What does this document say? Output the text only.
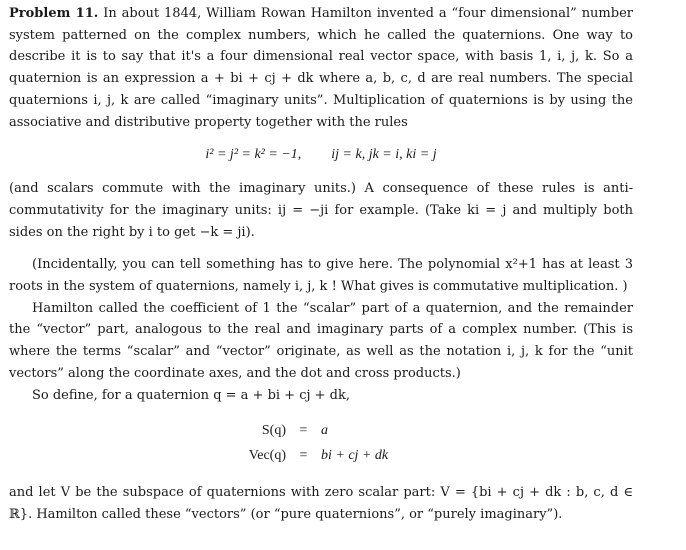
Problem 11. In about 1844, William Rowan Hamilton invented a “four dimensional” number system patterned on the complex numbers, which he called the quaternions. One way to describe it is to say that it's a four dimensional real vector space, with basis 1, i, j, k. So a quaternion is an expression a + bi + cj + dk where a, b, c, d are real numbers. The special quaternions i, j, k are called “imaginary units”. Multiplication of quaternions is by using the associative and distributive property together with the rules

i² = j² = k² = −1, ij = k, jk = i, ki = j

(and scalars commute with the imaginary units.) A consequence of these rules is anti-commutativity for the imaginary units: ij = −ji for example. (Take ki = j and multiply both sides on the right by i to get −k = ji).

(Incidentally, you can tell something has to give here. The polynomial x²+1 has at least 3 roots in the system of quaternions, namely i, j, k ! What gives is commutative multiplication. )

Hamilton called the coefficient of 1 the “scalar” part of a quaternion, and the remainder the “vector” part, analogous to the real and imaginary parts of a complex number. (This is where the terms “scalar” and “vector” originate, as well as the notation i, j, k for the “unit vectors” along the coordinate axes, and the dot and cross products.)

So define, for a quaternion q = a + bi + cj + dk,

S(q) = a
Vec(q) = bi + cj + dk

and let V be the subspace of quaternions with zero scalar part: V = {bi + cj + dk : b, c, d ∈ ℝ}. Hamilton called these “vectors” (or “pure quaternions”, or “purely imaginary”).
